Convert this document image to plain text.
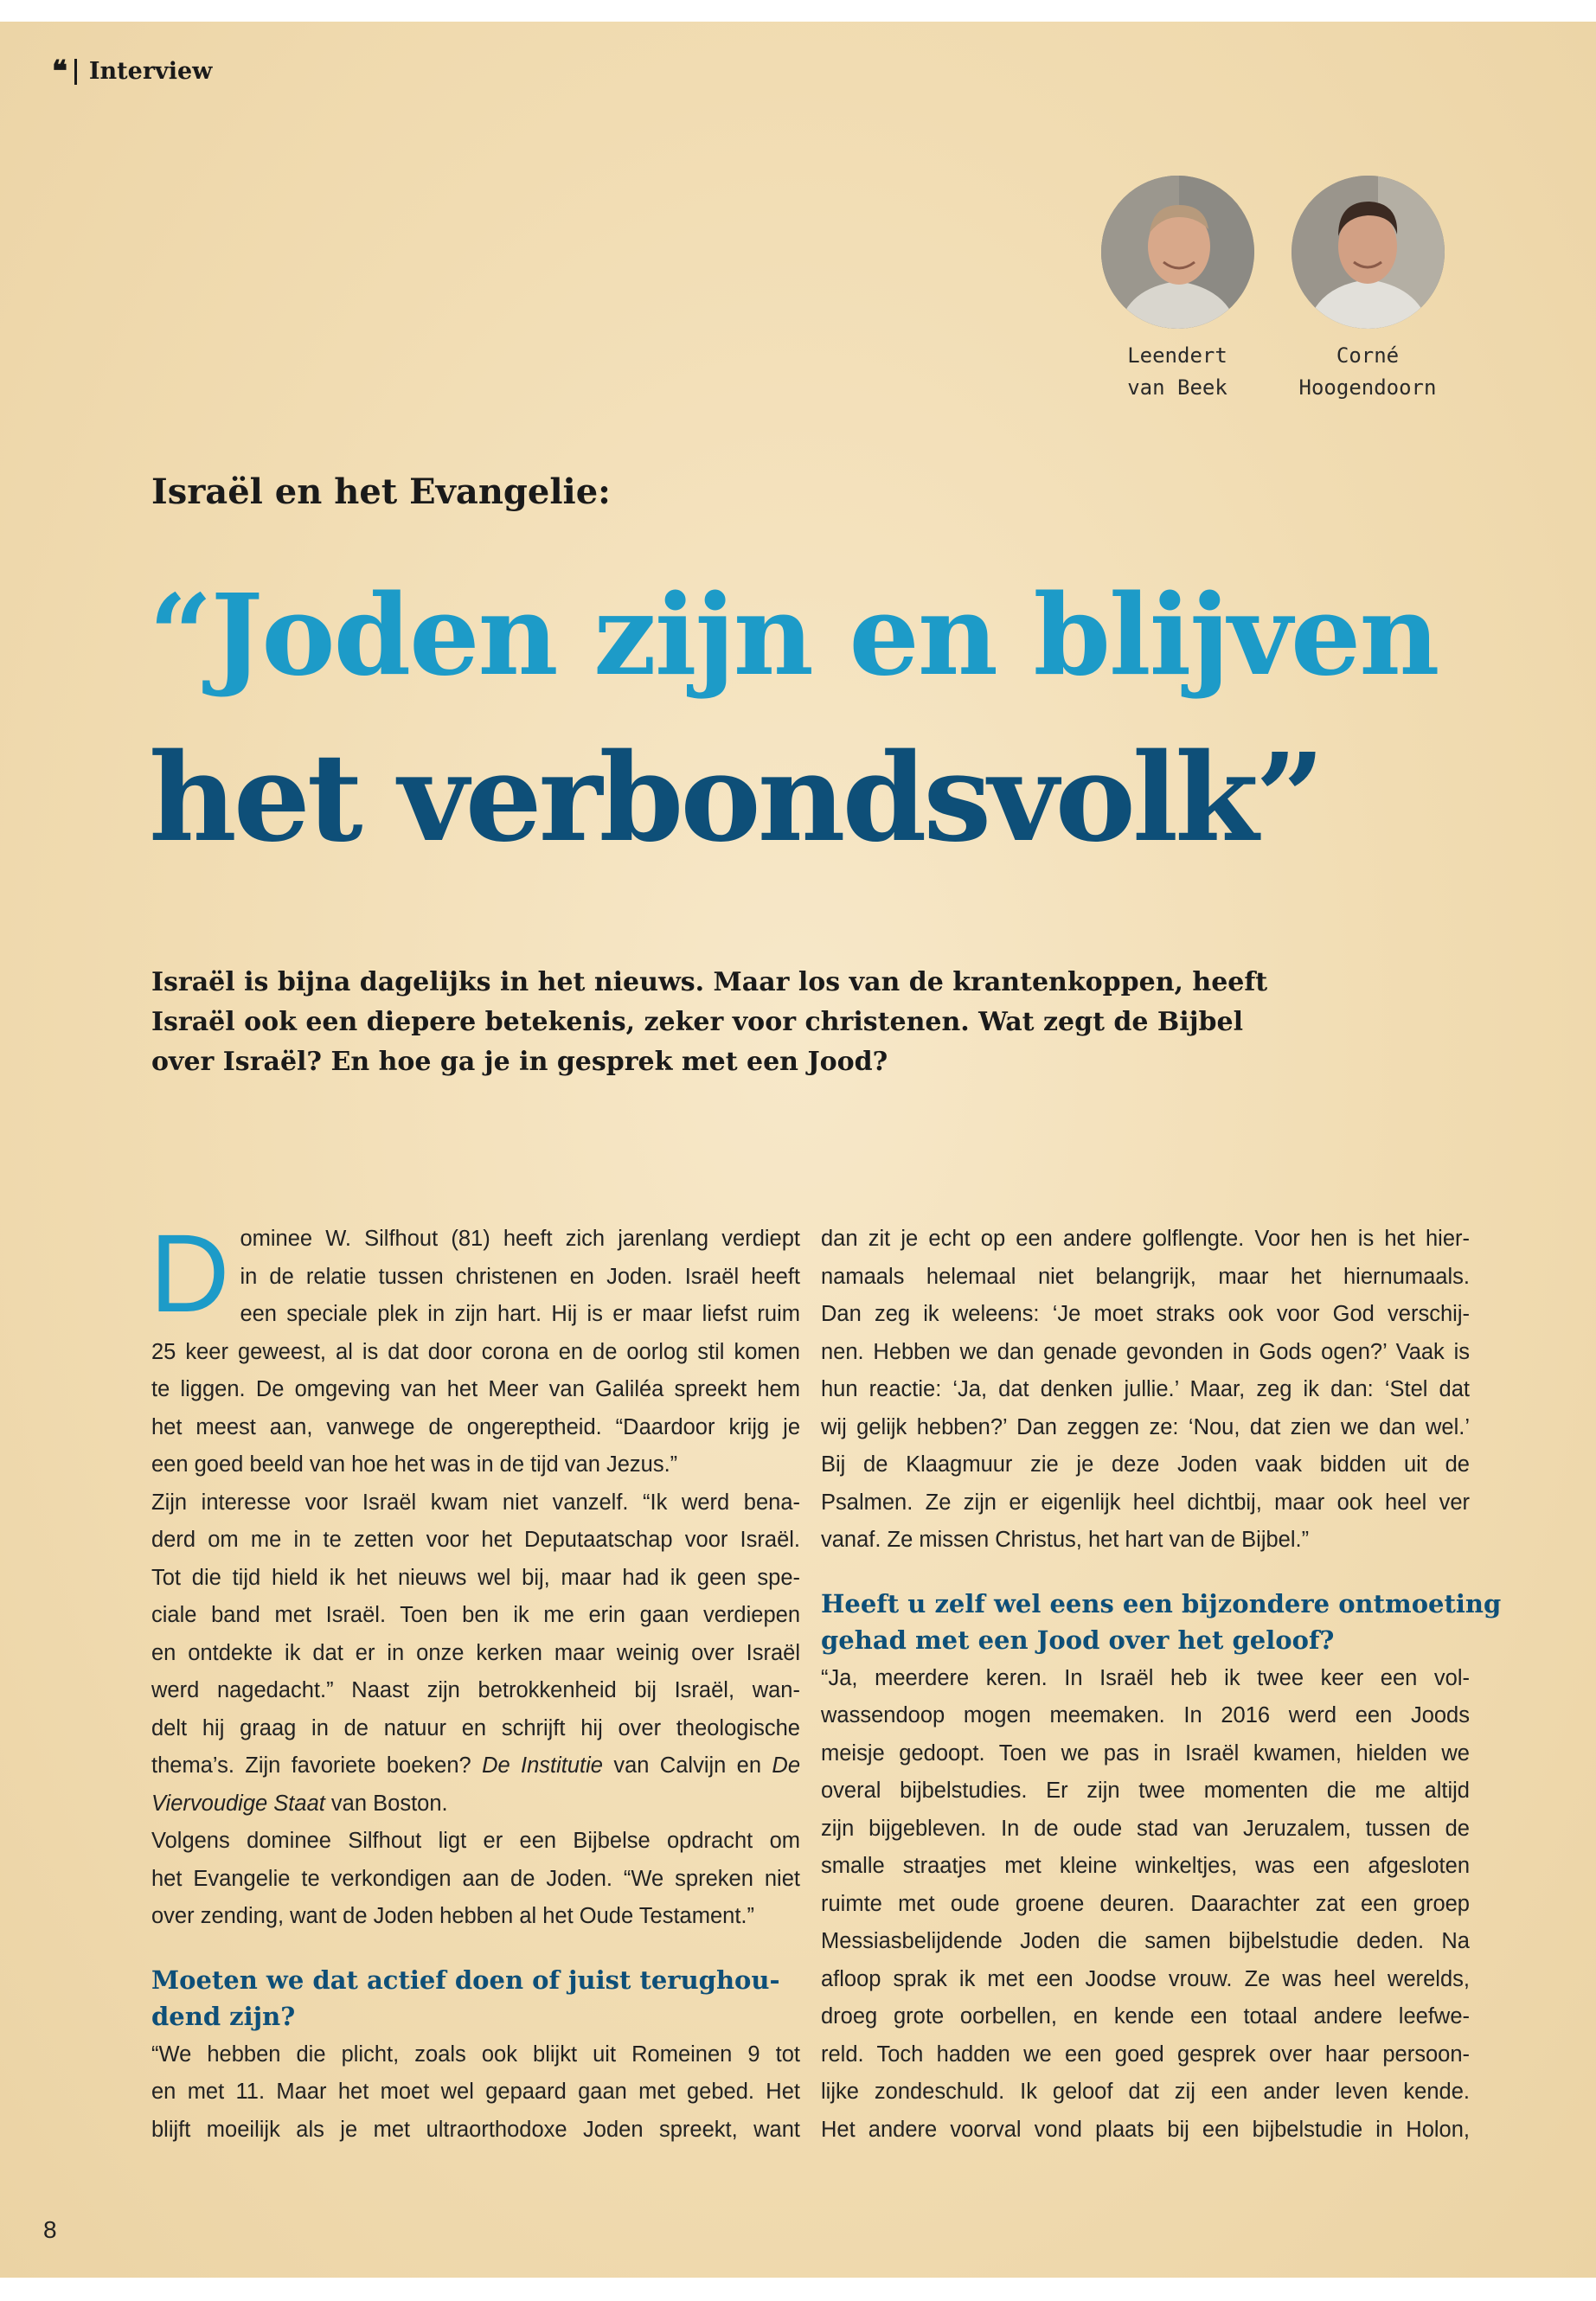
❛❛ Interview
Leendert
van Beek
Corné
Hoogendoorn
Israël en het Evangelie:
“Joden zijn en blijven
het verbondsvolk”

Israël is bijna dagelijks in het nieuws. Maar los van de krantenkoppen, heeft

Israël ook een diepere betekenis, zeker voor christenen. Wat zegt de Bijbel

over Israël? En hoe ga je in gesprek met een Jood?

D ominee W. Silfhout (81) heeft zich jarenlang verdiept
in de relatie tussen christenen en Joden. Israël heeft
een speciale plek in zijn hart. Hij is er maar liefst ruim
25 keer geweest, al is dat door corona en de oorlog stil komen
te liggen. De omgeving van het Meer van Galiléa spreekt hem
het meest aan, vanwege de ongereptheid. “Daardoor krijg je
een goed beeld van hoe het was in de tijd van Jezus.”
Zijn interesse voor Israël kwam niet vanzelf. “Ik werd bena-
derd om me in te zetten voor het Deputaatschap voor Israël.
Tot die tijd hield ik het nieuws wel bij, maar had ik geen spe-
ciale band met Israël. Toen ben ik me erin gaan verdiepen
en ontdekte ik dat er in onze kerken maar weinig over Israël
werd nagedacht.” Naast zijn betrokkenheid bij Israël, wan-
delt hij graag in de natuur en schrijft hij over theologische
thema’s. Zijn favoriete boeken? De Institutie van Calvijn en De
Viervoudige Staat van Boston.
Volgens dominee Silfhout ligt er een Bijbelse opdracht om
het Evangelie te verkondigen aan de Joden. “We spreken niet
over zending, want de Joden hebben al het Oude Testament.”
Moeten we dat actief doen of juist terughou-
dend zijn?
“We hebben die plicht, zoals ook blijkt uit Romeinen 9 tot
en met 11. Maar het moet wel gepaard gaan met gebed. Het
blijft moeilijk als je met ultraorthodoxe Joden spreekt, want
dan zit je echt op een andere golflengte. Voor hen is het hier-
namaals helemaal niet belangrijk, maar het hiernumaals.
Dan zeg ik weleens: ‘Je moet straks ook voor God verschij-
nen. Hebben we dan genade gevonden in Gods ogen?’ Vaak is
hun reactie: ‘Ja, dat denken jullie.’ Maar, zeg ik dan: ‘Stel dat
wij gelijk hebben?’ Dan zeggen ze: ‘Nou, dat zien we dan wel.’
Bij de Klaagmuur zie je deze Joden vaak bidden uit de
Psalmen. Ze zijn er eigenlijk heel dichtbij, maar ook heel ver
vanaf. Ze missen Christus, het hart van de Bijbel.”
Heeft u zelf wel eens een bijzondere ontmoeting
gehad met een Jood over het geloof?
“Ja, meerdere keren. In Israël heb ik twee keer een vol-
wassendoop mogen meemaken. In 2016 werd een Joods
meisje gedoopt. Toen we pas in Israël kwamen, hielden we
overal bijbelstudies. Er zijn twee momenten die me altijd
zijn bijgebleven. In de oude stad van Jeruzalem, tussen de
smalle straatjes met kleine winkeltjes, was een afgesloten
ruimte met oude groene deuren. Daarachter zat een groep
Messiasbelijdende Joden die samen bijbelstudie deden. Na
afloop sprak ik met een Joodse vrouw. Ze was heel werelds,
droeg grote oorbellen, en kende een totaal andere leefwe-
reld. Toch hadden we een goed gesprek over haar persoon-
lijke zondeschuld. Ik geloof dat zij een ander leven kende.
Het andere voorval vond plaats bij een bijbelstudie in Holon,
8
